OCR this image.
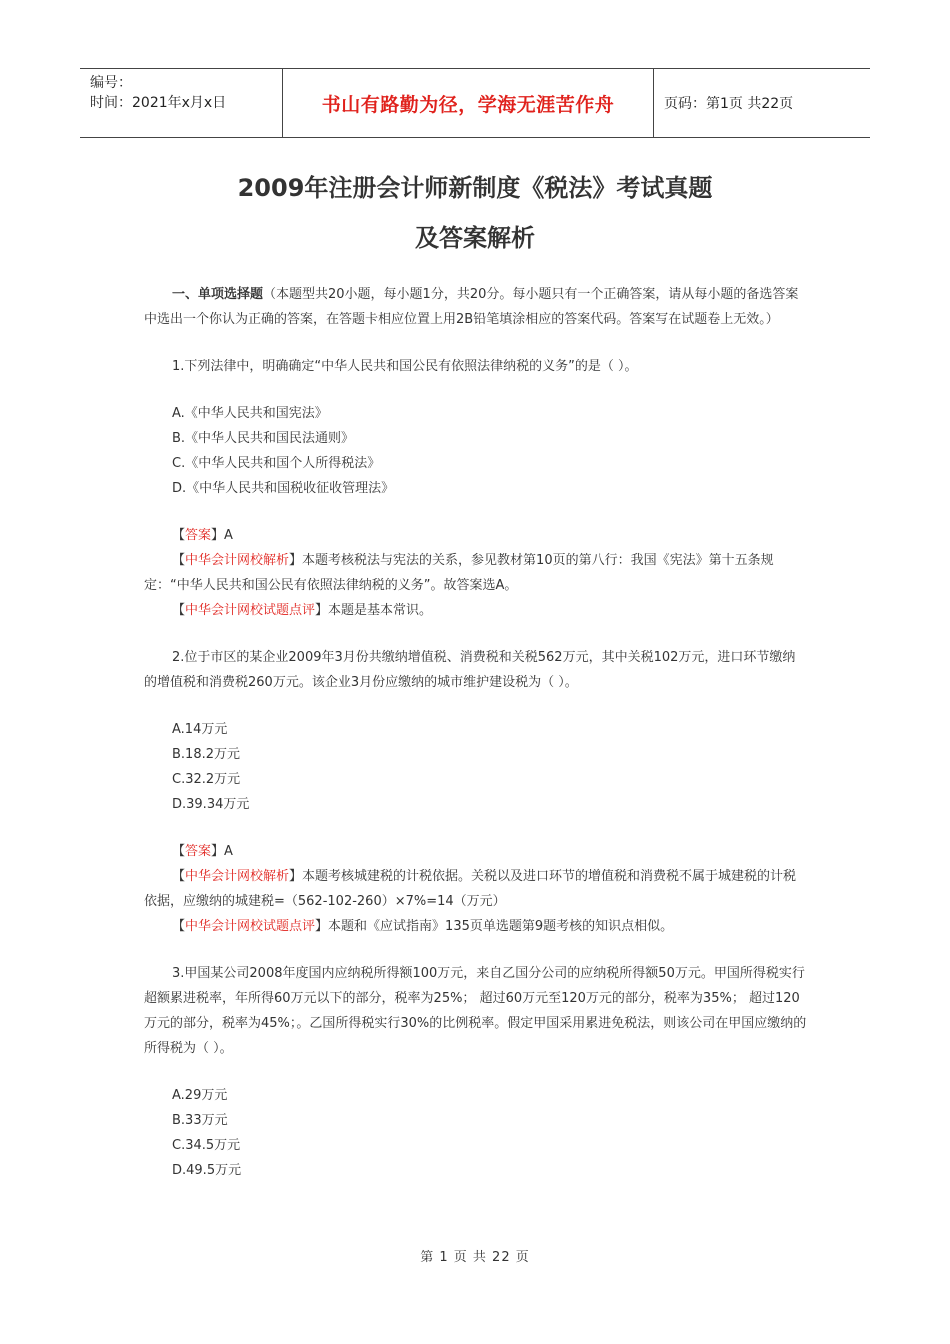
编号：
时间：2021年x月x日	书山有路勤为径，学海无涯苦作舟	页码：第1页 共22页
2009年注册会计师新制度《税法》考试真题
及答案解析

一、单项选择题（本题型共20小题，每小题1分，共20分。每小题只有一个正确答案，请从每小题的备选答案中选出一个你认为正确的答案，在答题卡相应位置上用2B铅笔填涂相应的答案代码。答案写在试题卷上无效。）

1.下列法律中，明确确定“中华人民共和国公民有依照法律纳税的义务”的是（ ）。

A.《中华人民共和国宪法》

B.《中华人民共和国民法通则》

C.《中华人民共和国个人所得税法》

D.《中华人民共和国税收征收管理法》

【答案】A

【中华会计网校解析】本题考核税法与宪法的关系，参见教材第10页的第八行：我国《宪法》第十五条规定：“中华人民共和国公民有依照法律纳税的义务”。故答案选A。

【中华会计网校试题点评】本题是基本常识。

2.位于市区的某企业2009年3月份共缴纳增值税、消费税和关税562万元，其中关税102万元，进口环节缴纳的增值税和消费税260万元。该企业3月份应缴纳的城市维护建设税为（ ）。

A.14万元

B.18.2万元

C.32.2万元

D.39.34万元

【答案】A

【中华会计网校解析】本题考核城建税的计税依据。关税以及进口环节的增值税和消费税不属于城建税的计税依据，应缴纳的城建税=（562-102-260）×7%=14（万元）

【中华会计网校试题点评】本题和《应试指南》135页单选题第9题考核的知识点相似。

3.甲国某公司2008年度国内应纳税所得额100万元，来自乙国分公司的应纳税所得额50万元。甲国所得税实行超额累进税率，年所得60万元以下的部分，税率为25%； 超过60万元至120万元的部分，税率为35%； 超过120万元的部分，税率为45%；。乙国所得税实行30%的比例税率。假定甲国采用累进免税法，则该公司在甲国应缴纳的所得税为（ ）。

A.29万元

B.33万元

C.34.5万元

D.49.5万元

第 1 页 共 22 页
